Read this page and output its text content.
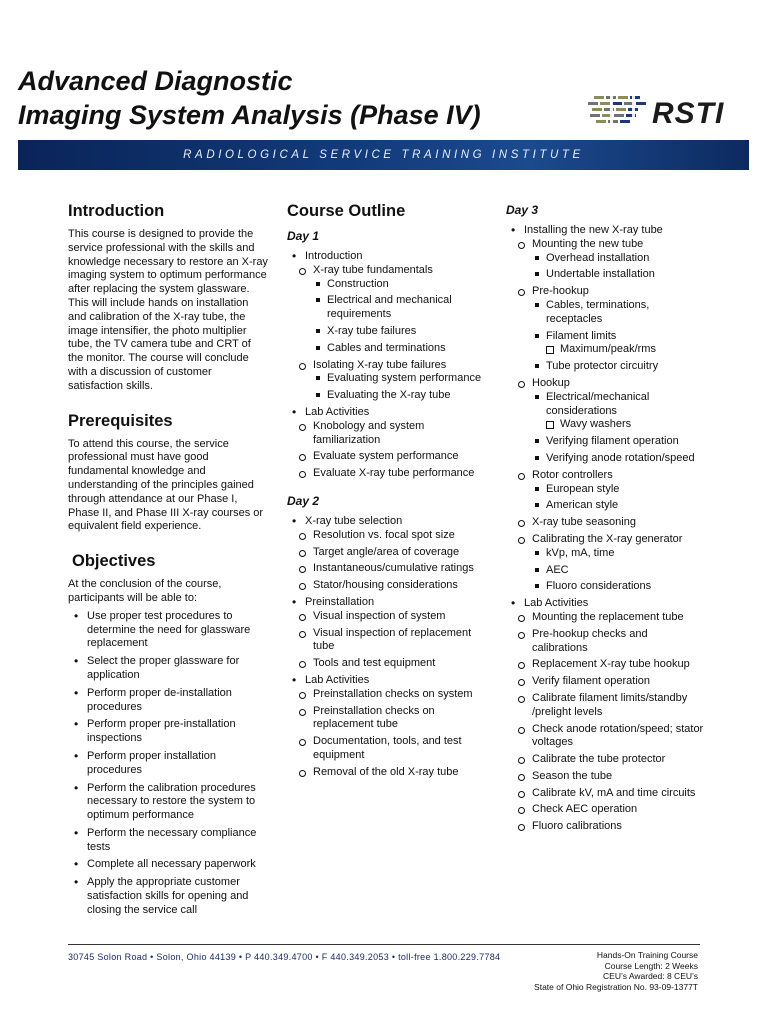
Advanced Diagnostic
Imaging System Analysis (Phase IV)	RSTI
RADIOLOGICAL SERVICE TRAINING INSTITUTE
Introduction

This course is designed to provide the service professional with the skills and knowledge necessary to restore an X-ray imaging system to optimum performance after replacing the system glassware. This will include hands on installation and calibration of the X-ray tube, the image intensifier, the photo multiplier tube, the TV camera tube and CRT of the monitor. The course will conclude with a discussion of customer satisfaction skills.

Prerequisites

To attend this course, the service professional must have good fundamental knowledge and understanding of the principles gained through attendance at our Phase I, Phase II, and Phase III X-ray courses or equivalent field experience.

Objectives

At the conclusion of the course, participants will be able to:

• Use proper test procedures to determine the need for glassware replacement
• Select the proper glassware for application
• Perform proper de-installation procedures
• Perform proper pre-installation inspections
• Perform proper installation procedures
• Perform the calibration procedures necessary to restore the system to optimum performance
• Perform the necessary compliance tests
• Complete all necessary paperwork
• Apply the appropriate customer satisfaction skills for opening and closing the service call
Course Outline
Day 1
• Introduction
X-ray tube fundamentals
Construction
Electrical and mechanical requirements
X-ray tube failures
Cables and terminations
Isolating X-ray tube failures
Evaluating system performance
Evaluating the X-ray tube
• Lab Activities
Knobology and system familiarization
Evaluate system performance
Evaluate X-ray tube performance
Day 2
• X-ray tube selection
Resolution vs. focal spot size
Target angle/area of coverage
Instantaneous/cumulative ratings
Stator/housing considerations
• Preinstallation
Visual inspection of system
Visual inspection of replacement tube
Tools and test equipment
• Lab Activities
Preinstallation checks on system
Preinstallation checks on replacement tube
Documentation, tools, and test equipment
Removal of the old X-ray tube
Day 3
• Installing the new X-ray tube
Mounting the new tube
Overhead installation
Undertable installation
Pre-hookup
Cables, terminations, receptacles
Filament limits
Maximum/peak/rms
Tube protector circuitry
Hookup
Electrical/mechanical considerations
Wavy washers
Verifying filament operation
Verifying anode rotation/speed
Rotor controllers
European style
American style
X-ray tube seasoning
Calibrating the X-ray generator
kVp, mA, time
AEC
Fluoro considerations
• Lab Activities
Mounting the replacement tube
Pre-hookup checks and calibrations
Replacement X-ray tube hookup
Verify filament operation
Calibrate filament limits/standby /prelight levels
Check anode rotation/speed; stator voltages
Calibrate the tube protector
Season the tube
Calibrate kV, mA and time circuits
Check AEC operation
Fluoro calibrations
30745 Solon Road • Solon, Ohio 44139 • P 440.349.4700 • F 440.349.2053 • toll-free 1.800.229.7784	Hands-On Training Course
Course Length: 2 Weeks
CEU’s Awarded: 8 CEU’s
State of Ohio Registration No. 93-09-1377T
